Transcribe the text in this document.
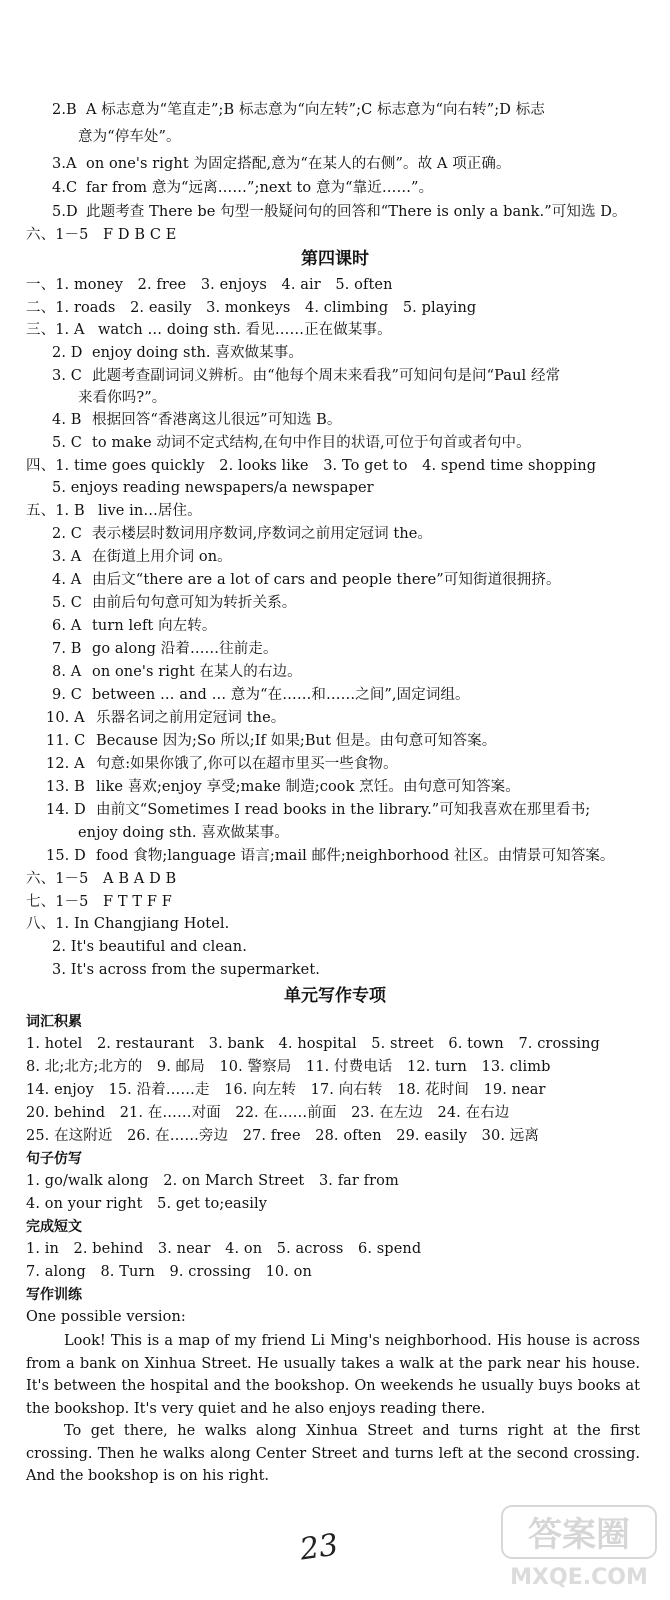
2.B A 标志意为“笔直走”;B 标志意为“向左转”;C 标志意为“向右转”;D 标志
意为“停车处”。
3.A on one's right 为固定搭配,意为“在某人的右侧”。故 A 项正确。
4.C far from 意为“远离……”;next to 意为“靠近……”。
5.D 此题考查 There be 句型一般疑问句的回答和“There is only a bank.”可知选 D。
六、1－5　F D B C E
第四课时
一、1. money　2. free　3. enjoys　4. air　5. often
二、1. roads　2. easily　3. monkeys　4. climbing　5. playing
三、1. A watch … doing sth. 看见……正在做某事。
2. D enjoy doing sth. 喜欢做某事。
3. C 此题考查副词词义辨析。由“他每个周末来看我”可知问句是问“Paul 经常
来看你吗?”。
4. B 根据回答“香港离这儿很远”可知选 B。
5. C to make 动词不定式结构,在句中作目的状语,可位于句首或者句中。
四、1. time goes quickly　2. looks like　3. To get to　4. spend time shopping
5. enjoys reading newspapers/a newspaper
五、1. B live in…居住。
2. C 表示楼层时数词用序数词,序数词之前用定冠词 the。
3. A 在街道上用介词 on。
4. A 由后文“there are a lot of cars and people there”可知街道很拥挤。
5. C 由前后句句意可知为转折关系。
6. A turn left 向左转。
7. B go along 沿着……往前走。
8. A on one's right 在某人的右边。
9. C between … and … 意为“在……和……之间”,固定词组。
10. A 乐器名词之前用定冠词 the。
11. C Because 因为;So 所以;If 如果;But 但是。由句意可知答案。
12. A 句意:如果你饿了,你可以在超市里买一些食物。
13. B like 喜欢;enjoy 享受;make 制造;cook 烹饪。由句意可知答案。
14. D 由前文“Sometimes I read books in the library.”可知我喜欢在那里看书;
enjoy doing sth. 喜欢做某事。
15. D food 食物;language 语言;mail 邮件;neighborhood 社区。由情景可知答案。
六、1－5　A B A D B
七、1－5　F T T F F
八、1. In Changjiang Hotel.
2. It's beautiful and clean.
3. It's across from the supermarket.
单元写作专项
词汇积累
1. hotel　2. restaurant　3. bank　4. hospital　5. street　6. town　7. crossing
8. 北;北方;北方的　9. 邮局　10. 警察局　11. 付费电话　12. turn　13. climb
14. enjoy　15. 沿着……走　16. 向左转　17. 向右转　18. 花时间　19. near
20. behind　21. 在……对面　22. 在……前面　23. 在左边　24. 在右边
25. 在这附近　26. 在……旁边　27. free　28. often　29. easily　30. 远离
句子仿写
1. go/walk along　2. on March Street　3. far from
4. on your right　5. get to;easily
完成短文
1. in　2. behind　3. near　4. on　5. across　6. spend
7. along　8. Turn　9. crossing　10. on
写作训练
One possible version:

Look! This is a map of my friend Li Ming's neighborhood. His house is across from a bank on Xinhua Street. He usually takes a walk at the park near his house. It's between the hospital and the bookshop. On weekends he usually buys books at the bookshop. It's very quiet and he also enjoys reading there.

To get there, he walks along Xinhua Street and turns right at the first crossing. Then he walks along Center Street and turns left at the second crossing. And the bookshop is on his right.

23	答案圈
MXQE.COM
